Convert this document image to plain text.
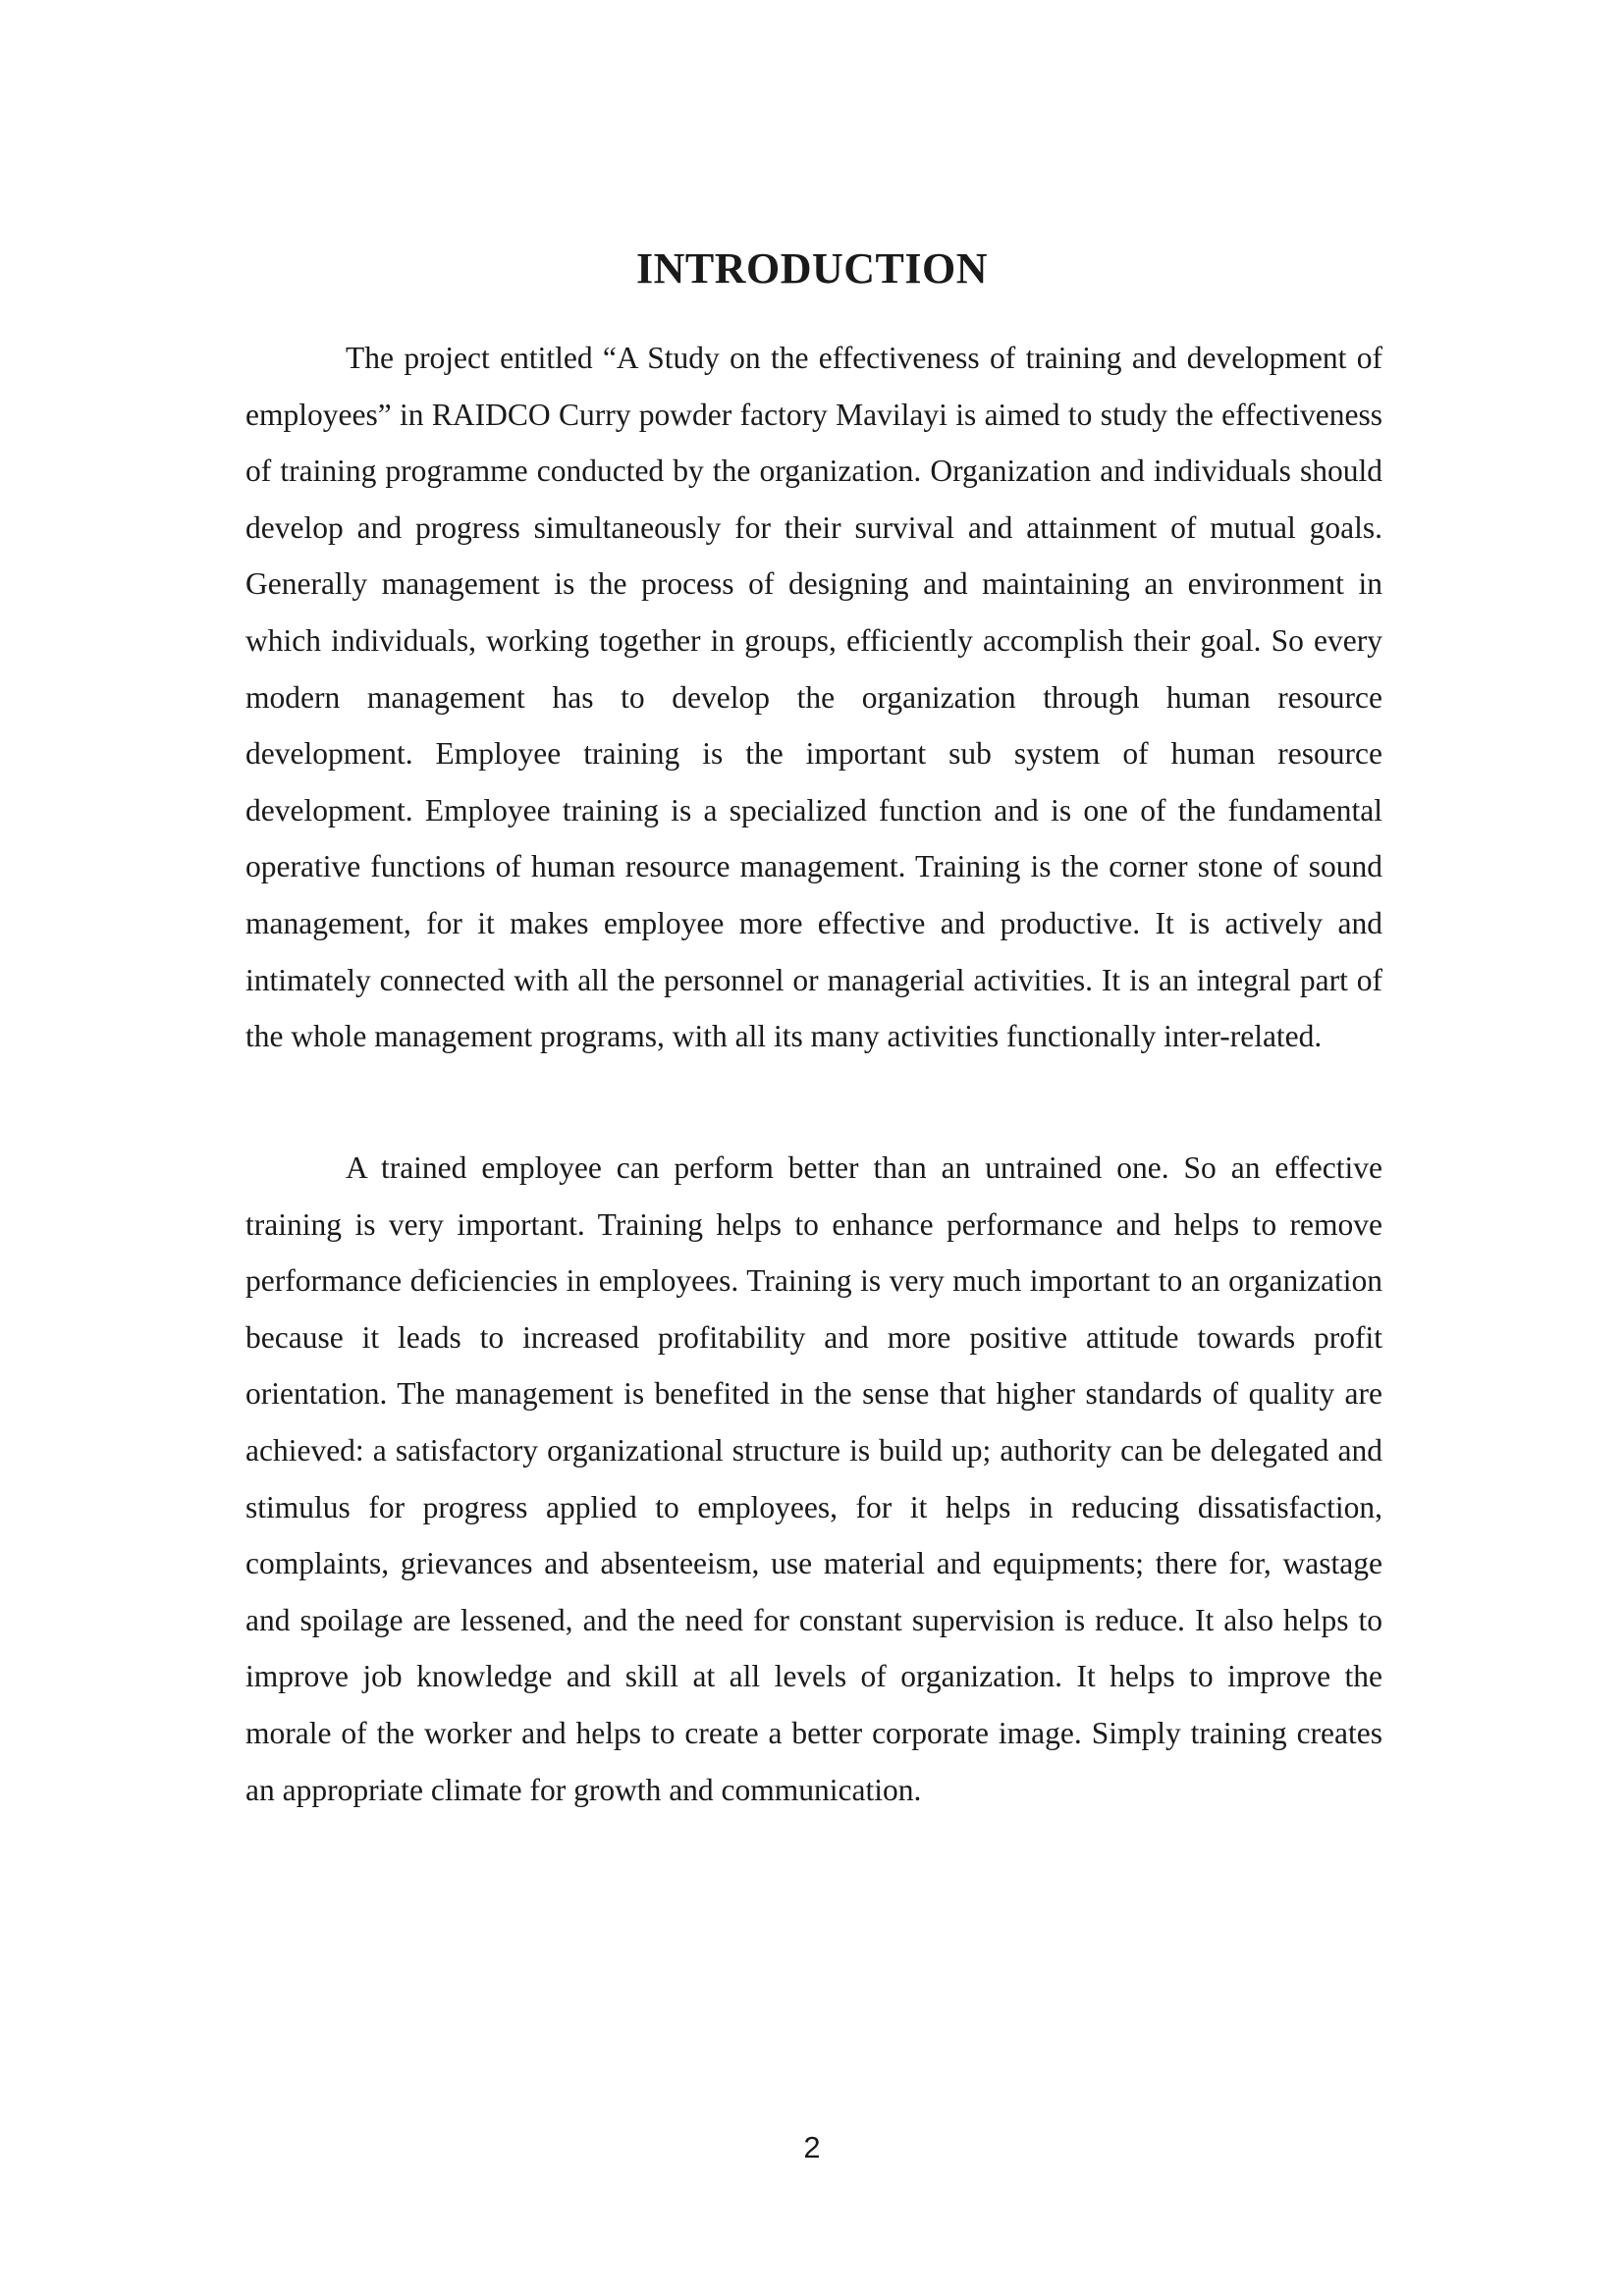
INTRODUCTION

The project entitled “A Study on the effectiveness of training and development of employees” in RAIDCO Curry powder factory Mavilayi is aimed to study the effectiveness of training programme conducted by the organization. Organization and individuals should develop and progress simultaneously for their survival and attainment of mutual goals. Generally management is the process of designing and maintaining an environment in which individuals, working together in groups, efficiently accomplish their goal. So every modern management has to develop the organization through human resource development. Employee training is the important sub system of human resource development. Employee training is a specialized function and is one of the fundamental operative functions of human resource management. Training is the corner stone of sound management, for it makes employee more effective and productive. It is actively and intimately connected with all the personnel or managerial activities. It is an integral part of the whole management programs, with all its many activities functionally inter-related.

A trained employee can perform better than an untrained one. So an effective training is very important. Training helps to enhance performance and helps to remove performance deficiencies in employees. Training is very much important to an organization because it leads to increased profitability and more positive attitude towards profit orientation. The management is benefited in the sense that higher standards of quality are achieved: a satisfactory organizational structure is build up; authority can be delegated and stimulus for progress applied to employees, for it helps in reducing dissatisfaction, complaints, grievances and absenteeism, use material and equipments; there for, wastage and spoilage are lessened, and the need for constant supervision is reduce. It also helps to improve job knowledge and skill at all levels of organization. It helps to improve the morale of the worker and helps to create a better corporate image. Simply training creates an appropriate climate for growth and communication.

2
